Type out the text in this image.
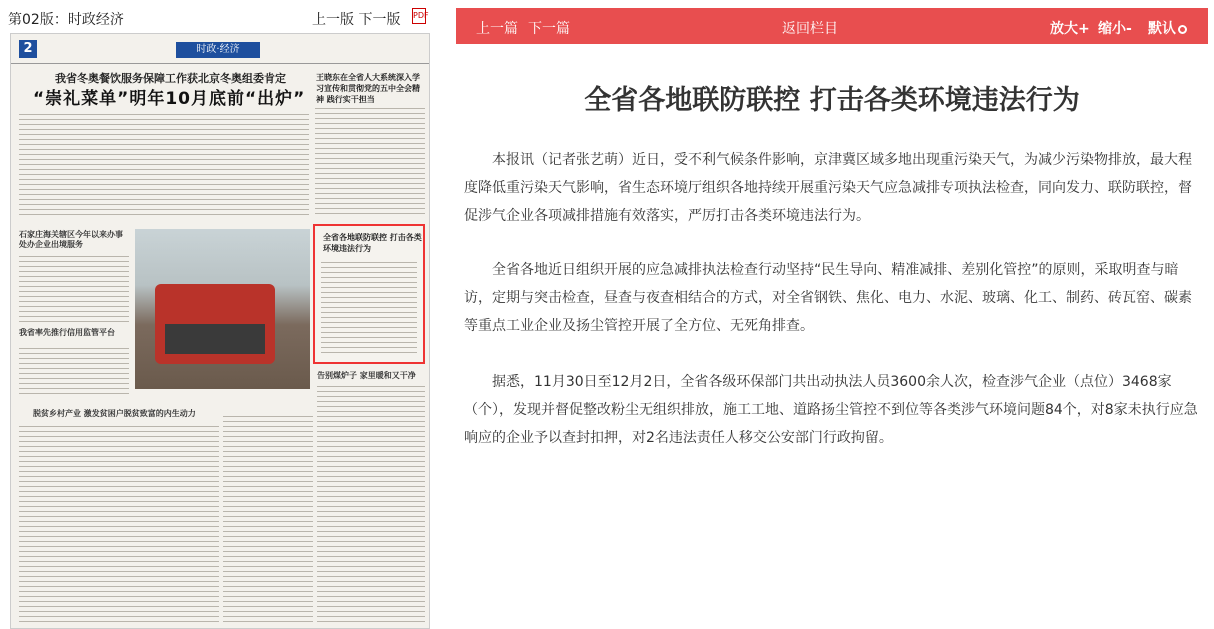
第02版：时政经济	上一版 下一版 PDF
2	时政·经济
我省冬奥餐饮服务保障工作获北京冬奥组委肯定
“崇礼菜单”明年10月底前“出炉”
王晓东在全省人大系统深入学习宣传和贯彻党的五中全会精神 践行实干担当
石家庄海关辖区今年以来办事处办企业出境服务
我省率先推行信用监管平台
脱贫乡村产业 激发贫困户脱贫致富的内生动力
告别煤炉子 家里暖和又干净
全省各地联防联控 打击各类环境违法行为
上一篇 下一篇	返回栏目	放大+ 缩小- 默认
全省各地联防联控 打击各类环境违法行为

本报讯（记者张艺萌）近日，受不利气候条件影响，京津冀区域多地出现重污染天气，为减少污染物排放，最大程度降低重污染天气影响，省生态环境厅组织各地持续开展重污染天气应急减排专项执法检查，同向发力、联防联控，督促涉气企业各项减排措施有效落实，严厉打击各类环境违法行为。

全省各地近日组织开展的应急减排执法检查行动坚持“民生导向、精准减排、差别化管控”的原则，采取明查与暗访，定期与突击检查，昼查与夜查相结合的方式，对全省钢铁、焦化、电力、水泥、玻璃、化工、制药、砖瓦窑、碳素等重点工业企业及扬尘管控开展了全方位、无死角排查。

据悉，11月30日至12月2日，全省各级环保部门共出动执法人员3600余人次，检查涉气企业（点位）3468家（个），发现并督促整改粉尘无组织排放，施工工地、道路扬尘管控不到位等各类涉气环境问题84个，对8家未执行应急响应的企业予以查封扣押，对2名违法责任人移交公安部门行政拘留。
